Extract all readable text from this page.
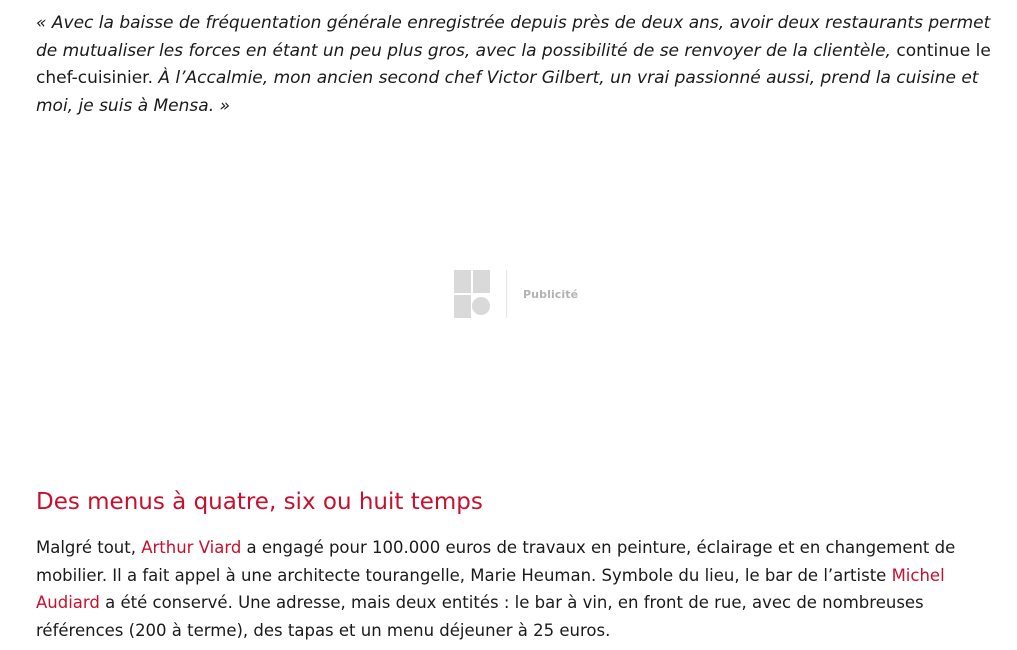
« Avec la baisse de fréquentation générale enregistrée depuis près de deux ans, avoir deux restaurants permet de mutualiser les forces en étant un peu plus gros, avec la possibilité de se renvoyer de la clientèle, continue le chef-cuisinier. À l’Accalmie, mon ancien second chef Victor Gilbert, un vrai passionné aussi, prend la cuisine et moi, je suis à Mensa. »

Publicité
Des menus à quatre, six ou huit temps

Malgré tout, Arthur Viard a engagé pour 100.000 euros de travaux en peinture, éclairage et en changement de mobilier. Il a fait appel à une architecte tourangelle, Marie Heuman. Symbole du lieu, le bar de l’artiste Michel Audiard a été conservé. Une adresse, mais deux entités : le bar à vin, en front de rue, avec de nombreuses références (200 à terme), des tapas et un menu déjeuner à 25 euros.
